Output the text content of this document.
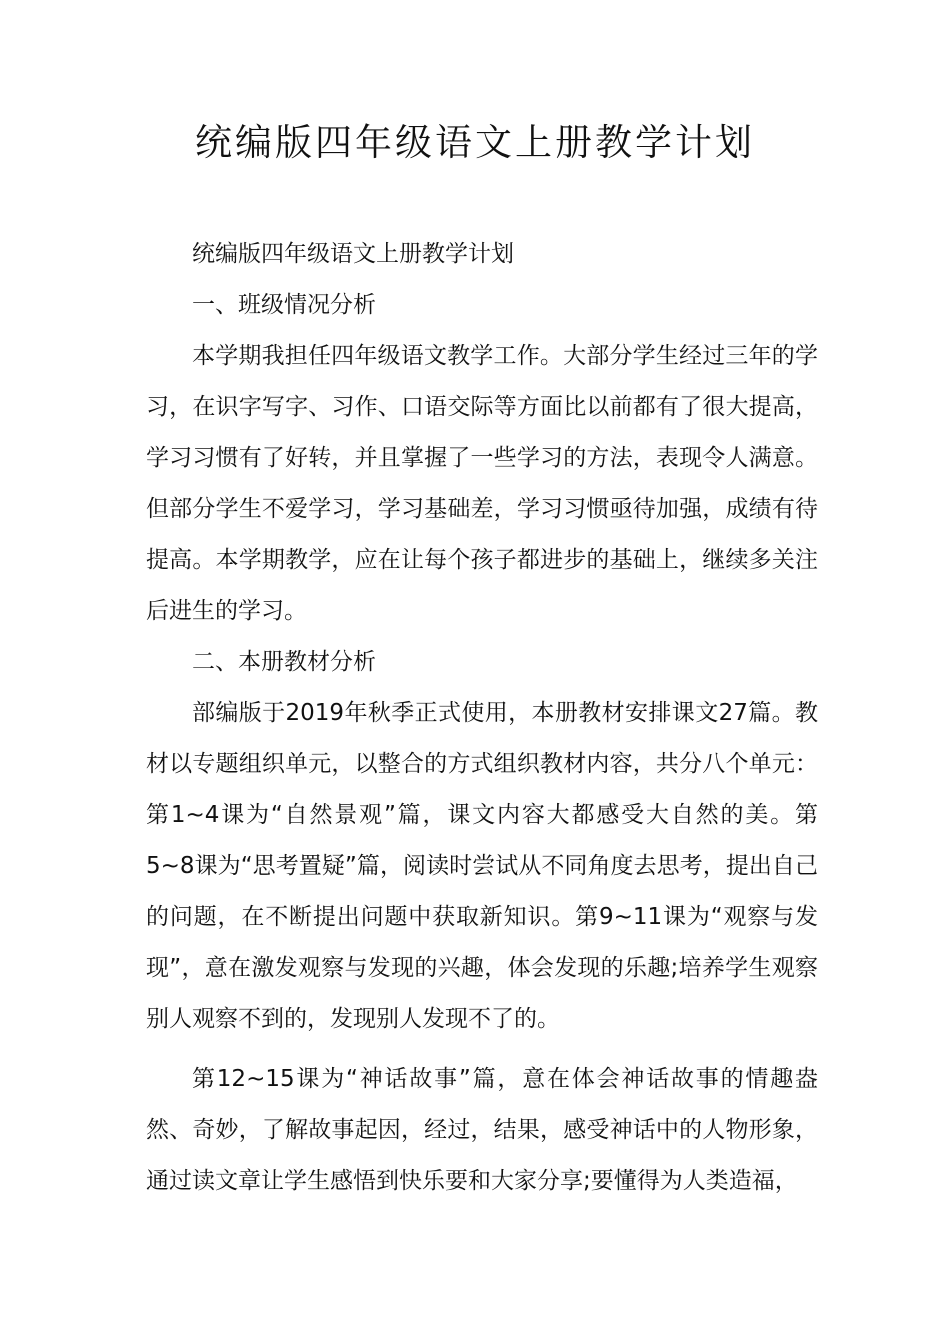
统编版四年级语文上册教学计划

统编版四年级语文上册教学计划

一、班级情况分析

本学期我担任四年级语文教学工作。大部分学生经过三年的学习，在识字写字、习作、口语交际等方面比以前都有了很大提高，学习习惯有了好转，并且掌握了一些学习的方法，表现令人满意。但部分学生不爱学习，学习基础差，学习习惯亟待加强，成绩有待提高。本学期教学，应在让每个孩子都进步的基础上，继续多关注后进生的学习。

二、本册教材分析

部编版于2019年秋季正式使用，本册教材安排课文27篇。教材以专题组织单元，以整合的方式组织教材内容，共分八个单元：第1~4课为“自然景观”篇，课文内容大都感受大自然的美。第5~8课为“思考置疑”篇，阅读时尝试从不同角度去思考，提出自己的问题，在不断提出问题中获取新知识。第9~11课为“观察与发现”，意在激发观察与发现的兴趣，体会发现的乐趣;培养学生观察别人观察不到的，发现别人发现不了的。

第12~15课为“神话故事”篇，意在体会神话故事的情趣盎然、奇妙，了解故事起因，经过，结果，感受神话中的人物形象，通过读文章让学生感悟到快乐要和大家分享;要懂得为人类造福，
